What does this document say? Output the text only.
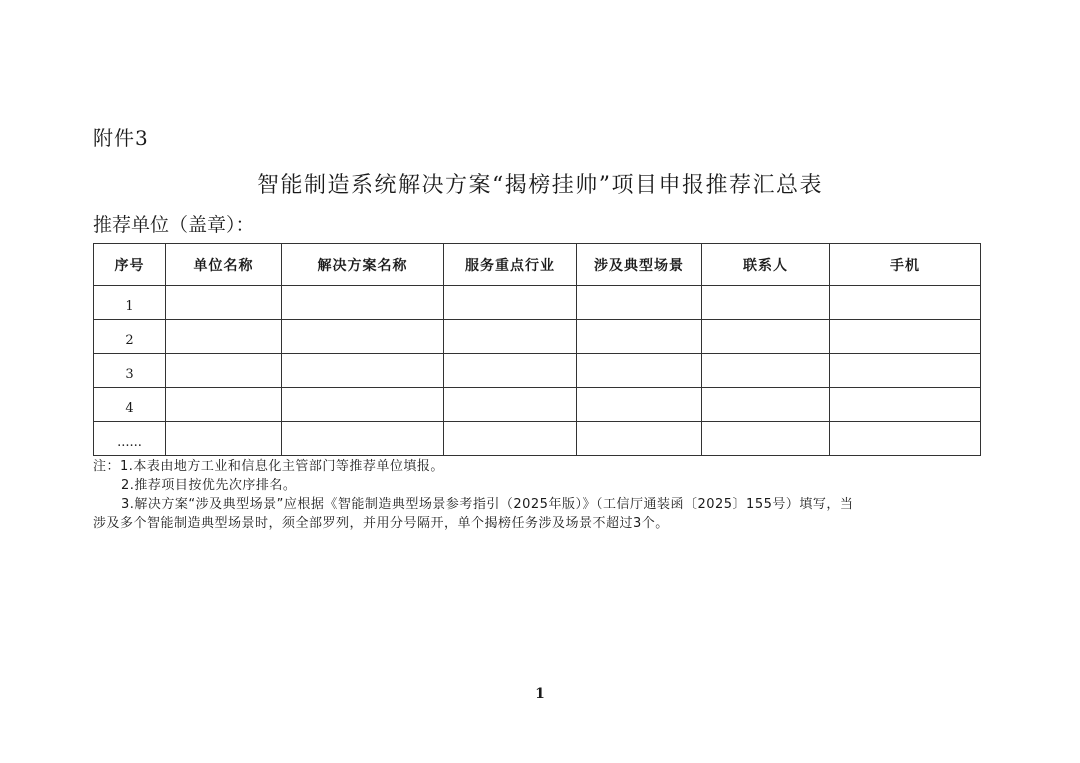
附件3
智能制造系统解决方案“揭榜挂帅”项目申报推荐汇总表
推荐单位（盖章）：
序号	单位名称	解决方案名称	服务重点行业	涉及典型场景	联系人	手机
1						
2						
3						
4						
......						
注：1.本表由地方工业和信息化主管部门等推荐单位填报。
2.推荐项目按优先次序排名。
3.解决方案“涉及典型场景”应根据《智能制造典型场景参考指引（2025年版）》（工信厅通装函〔2025〕155号）填写，当
涉及多个智能制造典型场景时，须全部罗列，并用分号隔开，单个揭榜任务涉及场景不超过3个。
1
